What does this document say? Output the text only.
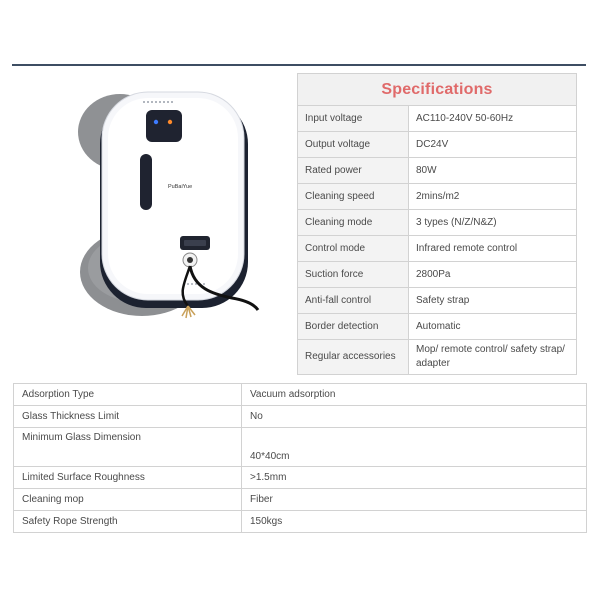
PuBaiYue
Specifications	
Input voltage	AC110-240V 50-60Hz
Output voltage	DC24V
Rated power	80W
Cleaning speed	2mins/m2
Cleaning mode	3 types (N/Z/N&Z)
Control mode	Infrared remote control
Suction force	2800Pa
Anti-fall control	Safety strap
Border detection	Automatic
Regular accessories	Mop/ remote control/ safety strap/ adapter
Adsorption Type	Vacuum adsorption
Glass Thickness Limit	No
Minimum Glass Dimension	40*40cm
Limited Surface Roughness	>1.5mm
Cleaning mop	Fiber
Safety Rope Strength	150kgs
